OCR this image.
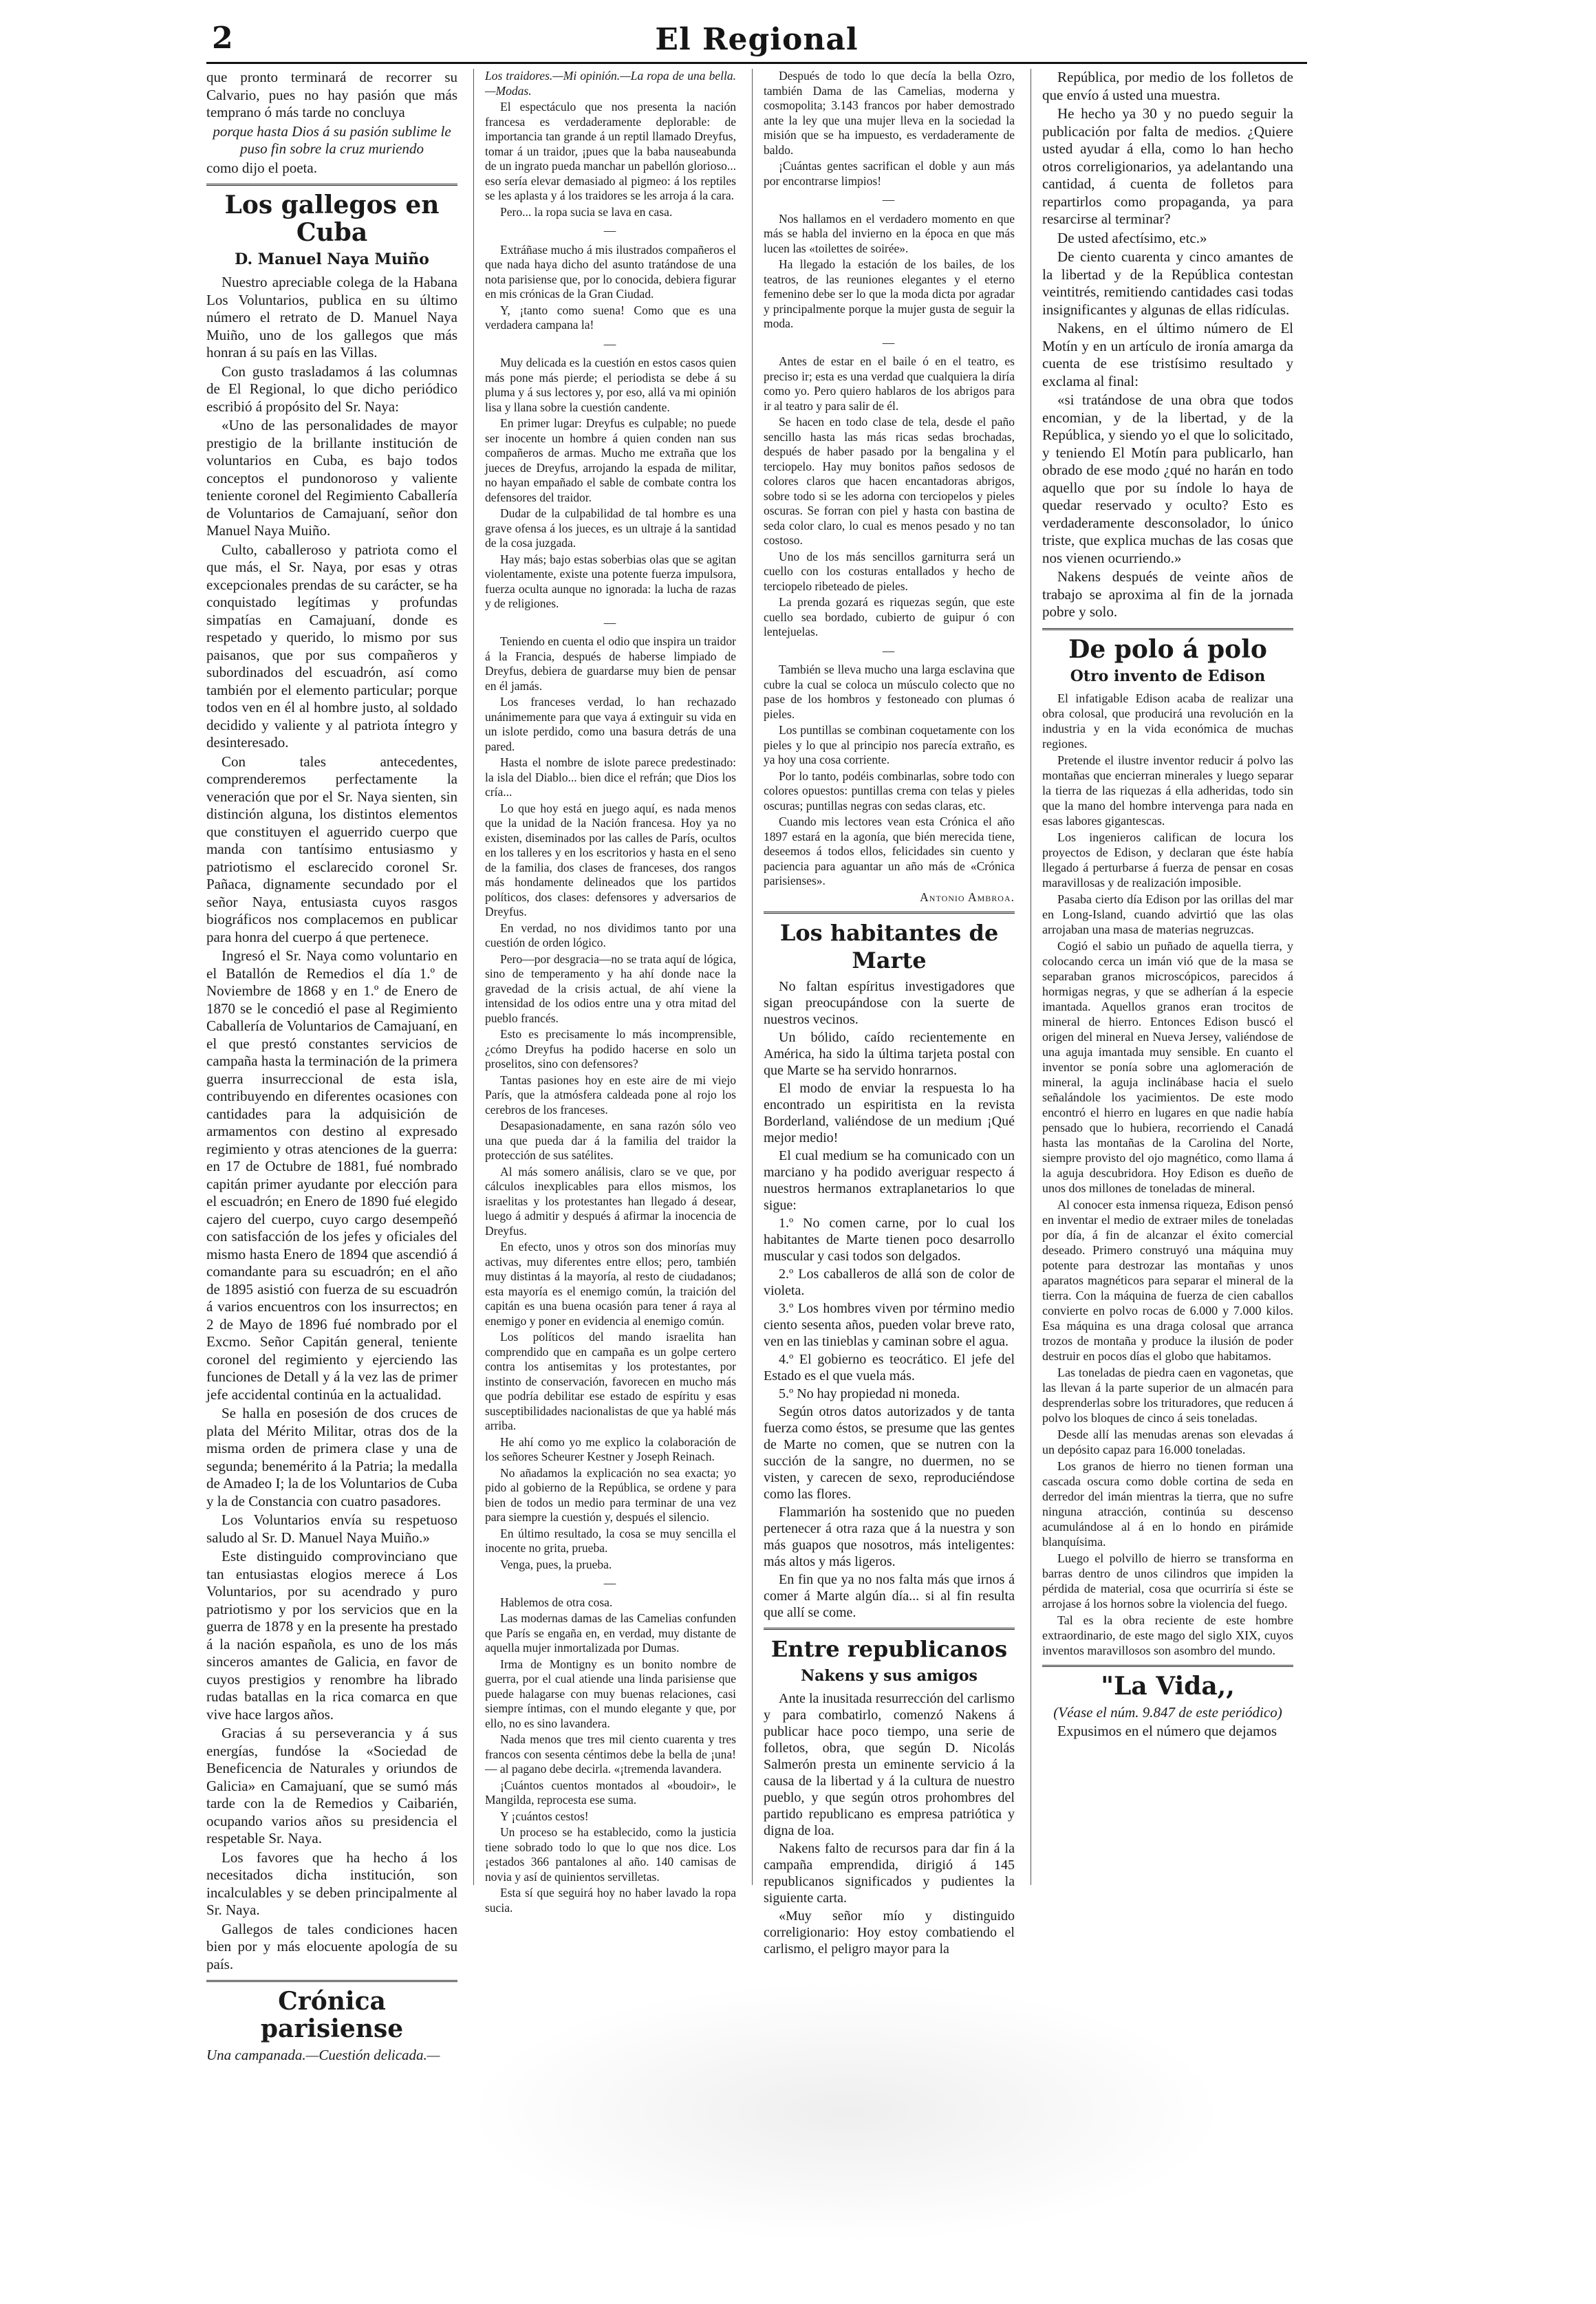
2	El Regional

que pronto terminará de recorrer su Calvario, pues no hay pasión que más temprano ó más tarde no concluya

porque hasta Dios á su pasión sublime le puso fin sobre la cruz muriendo

como dijo el poeta.

Los gallegos en Cuba
D. Manuel Naya Muiño

Nuestro apreciable colega de la Habana Los Voluntarios, publica en su último número el retrato de D. Manuel Naya Muiño, uno de los gallegos que más honran á su país en las Villas.

Con gusto trasladamos á las columnas de El Regional, lo que dicho periódico escribió á propósito del Sr. Naya:

«Uno de las personalidades de mayor prestigio de la brillante institución de voluntarios en Cuba, es bajo todos conceptos el pundonoroso y valiente teniente coronel del Regimiento Caballería de Voluntarios de Camajuaní, señor don Manuel Naya Muiño.

Culto, caballeroso y patriota como el que más, el Sr. Naya, por esas y otras excepcionales prendas de su carácter, se ha conquistado legítimas y profundas simpatías en Camajuaní, donde es respetado y querido, lo mismo por sus paisanos, que por sus compañeros y subordinados del escuadrón, así como también por el elemento particular; porque todos ven en él al hombre justo, al soldado decidido y valiente y al patriota íntegro y desinteresado.

Con tales antecedentes, comprenderemos perfectamente la veneración que por el Sr. Naya sienten, sin distinción alguna, los distintos elementos que constituyen el aguerrido cuerpo que manda con tantísimo entusiasmo y patriotismo el esclarecido coronel Sr. Pañaca, dignamente secundado por el señor Naya, entusiasta cuyos rasgos biográficos nos complacemos en publicar para honra del cuerpo á que pertenece.

Ingresó el Sr. Naya como voluntario en el Batallón de Remedios el día 1.º de Noviembre de 1868 y en 1.º de Enero de 1870 se le concedió el pase al Regimiento Caballería de Voluntarios de Camajuaní, en el que prestó constantes servicios de campaña hasta la terminación de la primera guerra insurreccional de esta isla, contribuyendo en diferentes ocasiones con cantidades para la adquisición de armamentos con destino al expresado regimiento y otras atenciones de la guerra: en 17 de Octubre de 1881, fué nombrado capitán primer ayudante por elección para el escuadrón; en Enero de 1890 fué elegido cajero del cuerpo, cuyo cargo desempeñó con satisfacción de los jefes y oficiales del mismo hasta Enero de 1894 que ascendió á comandante para su escuadrón; en el año de 1895 asistió con fuerza de su escuadrón á varios encuentros con los insurrectos; en 2 de Mayo de 1896 fué nombrado por el Excmo. Señor Capitán general, teniente coronel del regimiento y ejerciendo las funciones de Detall y á la vez las de primer jefe accidental continúa en la actualidad.

Se halla en posesión de dos cruces de plata del Mérito Militar, otras dos de la misma orden de primera clase y una de segunda; benemérito á la Patria; la medalla de Amadeo I; la de los Voluntarios de Cuba y la de Constancia con cuatro pasadores.

Los Voluntarios envía su respetuoso saludo al Sr. D. Manuel Naya Muiño.»

Este distinguido comprovinciano que tan entusiastas elogios merece á Los Voluntarios, por su acendrado y puro patriotismo y por los servicios que en la guerra de 1878 y en la presente ha prestado á la nación española, es uno de los más sinceros amantes de Galicia, en favor de cuyos prestigios y renombre ha librado rudas batallas en la rica comarca en que vive hace largos años.

Gracias á su perseverancia y á sus energías, fundóse la «Sociedad de Beneficencia de Naturales y oriundos de Galicia» en Camajuaní, que se sumó más tarde con la de Remedios y Caibarién, ocupando varios años su presidencia el respetable Sr. Naya.

Los favores que ha hecho á los necesitados dicha institución, son incalculables y se deben principalmente al Sr. Naya.

Gallegos de tales condiciones hacen bien por y más elocuente apología de su país.

Crónica parisiense

Una campanada.—Cuestión delicada.—

Los traidores.—Mi opinión.—La ropa de una bella.—Modas.

El espectáculo que nos presenta la nación francesa es verdaderamente deplorable: de importancia tan grande á un reptil llamado Dreyfus, tomar á un traidor, ¡pues que la baba nauseabunda de un ingrato pueda manchar un pabellón glorioso... eso sería elevar demasiado al pigmeo: á los reptiles se les aplasta y á los traidores se les arroja á la cara.

Pero... la ropa sucia se lava en casa.

—

Extráñase mucho á mis ilustrados compañeros el que nada haya dicho del asunto tratándose de una nota parisiense que, por lo conocida, debiera figurar en mis crónicas de la Gran Ciudad.

Y, ¡tanto como suena! Como que es una verdadera campana la!

—

Muy delicada es la cuestión en estos casos quien más pone más pierde; el periodista se debe á su pluma y á sus lectores y, por eso, allá va mi opinión lisa y llana sobre la cuestión candente.

En primer lugar: Dreyfus es culpable; no puede ser inocente un hombre á quien conden nan sus compañeros de armas. Mucho me extraña que los jueces de Dreyfus, arrojando la espada de militar, no hayan empañado el sable de combate contra los defensores del traidor.

Dudar de la culpabilidad de tal hombre es una grave ofensa á los jueces, es un ultraje á la santidad de la cosa juzgada.

Hay más; bajo estas soberbias olas que se agitan violentamente, existe una potente fuerza impulsora, fuerza oculta aunque no ignorada: la lucha de razas y de religiones.

—

Teniendo en cuenta el odio que inspira un traidor á la Francia, después de haberse limpiado de Dreyfus, debiera de guardarse muy bien de pensar en él jamás.

Los franceses verdad, lo han rechazado unánimemente para que vaya á extinguir su vida en un islote perdido, como una basura detrás de una pared.

Hasta el nombre de islote parece predestinado: la isla del Diablo... bien dice el refrán; que Dios los cría...

Lo que hoy está en juego aquí, es nada menos que la unidad de la Nación francesa. Hoy ya no existen, diseminados por las calles de París, ocultos en los talleres y en los escritorios y hasta en el seno de la familia, dos clases de franceses, dos rangos más hondamente delineados que los partidos políticos, dos clases: defensores y adversarios de Dreyfus.

En verdad, no nos dividimos tanto por una cuestión de orden lógico.

Pero—por desgracia—no se trata aquí de lógica, sino de temperamento y ha ahí donde nace la gravedad de la crisis actual, de ahí viene la intensidad de los odios entre una y otra mitad del pueblo francés.

Esto es precisamente lo más incomprensible, ¿cómo Dreyfus ha podido hacerse en solo un proselitos, sino con defensores?

Tantas pasiones hoy en este aire de mi viejo París, que la atmósfera caldeada pone al rojo los cerebros de los franceses.

Desapasionadamente, en sana razón sólo veo una que pueda dar á la familia del traidor la protección de sus satélites.

Al más somero análisis, claro se ve que, por cálculos inexplicables para ellos mismos, los israelitas y los protestantes han llegado á desear, luego á admitir y después á afirmar la inocencia de Dreyfus.

En efecto, unos y otros son dos minorías muy activas, muy diferentes entre ellos; pero, también muy distintas á la mayoría, al resto de ciudadanos; esta mayoría es el enemigo común, la traición del capitán es una buena ocasión para tener á raya al enemigo y poner en evidencia al enemigo común.

Los políticos del mando israelita han comprendido que en campaña es un golpe certero contra los antisemitas y los protestantes, por instinto de conservación, favorecen en mucho más que podría debilitar ese estado de espíritu y esas susceptibilidades nacionalistas de que ya hablé más arriba.

He ahí como yo me explico la colaboración de los señores Scheurer Kestner y Joseph Reinach.

No añadamos la explicación no sea exacta; yo pido al gobierno de la República, se ordene y para bien de todos un medio para terminar de una vez para siempre la cuestión y, después el silencio.

En último resultado, la cosa se muy sencilla el inocente no grita, prueba.

Venga, pues, la prueba.

—

Hablemos de otra cosa.

Las modernas damas de las Camelias confunden que París se engaña en, en verdad, muy distante de aquella mujer inmortalizada por Dumas.

Irma de Montigny es un bonito nombre de guerra, por el cual atiende una linda parisiense que puede halagarse con muy buenas relaciones, casi siempre íntimas, con el mundo elegante y que, por ello, no es sino lavandera.

Nada menos que tres mil ciento cuarenta y tres francos con sesenta céntimos debe la bella de ¡una!— al pagano debe decirla. «¡tremenda lavandera.

¡Cuántos cuentos montados al «boudoir», le Mangilda, reprocesta ese suma.

Y ¡cuántos cestos!

Un proceso se ha establecido, como la justicia tiene sobrado todo lo que lo que nos dice. Los ¡estados 366 pantalones al año. 140 camisas de novia y así de quinientos servilletas.

Esta sí que seguirá hoy no haber lavado la ropa sucia.

Después de todo lo que decía la bella Ozro, también Dama de las Camelias, moderna y cosmopolita; 3.143 francos por haber demostrado ante la ley que una mujer lleva en la sociedad la misión que se ha impuesto, es verdaderamente de baldo.

¡Cuántas gentes sacrifican el doble y aun más por encontrarse limpios!

—

Nos hallamos en el verdadero momento en que más se habla del invierno en la época en que más lucen las «toilettes de soirée».

Ha llegado la estación de los bailes, de los teatros, de las reuniones elegantes y el eterno femenino debe ser lo que la moda dicta por agradar y principalmente porque la mujer gusta de seguir la moda.

—

Antes de estar en el baile ó en el teatro, es preciso ir; esta es una verdad que cualquiera la diría como yo. Pero quiero hablaros de los abrigos para ir al teatro y para salir de él.

Se hacen en todo clase de tela, desde el paño sencillo hasta las más ricas sedas brochadas, después de haber pasado por la bengalina y el terciopelo. Hay muy bonitos paños sedosos de colores claros que hacen encantadoras abrigos, sobre todo si se les adorna con terciopelos y pieles oscuras. Se forran con piel y hasta con bastina de seda color claro, lo cual es menos pesado y no tan costoso.

Uno de los más sencillos garniturra será un cuello con los costuras entallados y hecho de terciopelo ribeteado de pieles.

La prenda gozará es riquezas según, que este cuello sea bordado, cubierto de guipur ó con lentejuelas.

—

También se lleva mucho una larga esclavina que cubre la cual se coloca un músculo colecto que no pase de los hombros y festoneado con plumas ó pieles.

Los puntillas se combinan coquetamente con los pieles y lo que al principio nos parecía extraño, es ya hoy una cosa corriente.

Por lo tanto, podéis combinarlas, sobre todo con colores opuestos: puntillas crema con telas y pieles oscuras; puntillas negras con sedas claras, etc.

Cuando mis lectores vean esta Crónica el año 1897 estará en la agonía, que bién merecida tiene, deseemos á todos ellos, felicidades sin cuento y paciencia para aguantar un año más de «Crónica parisienses».

Antonio Ambroa.

Los habitantes de Marte

No faltan espíritus investigadores que sigan preocupándose con la suerte de nuestros vecinos.

Un bólido, caído recientemente en América, ha sido la última tarjeta postal con que Marte se ha servido honrarnos.

El modo de enviar la respuesta lo ha encontrado un espiritista en la revista Borderland, valiéndose de un medium ¡Qué mejor medio!

El cual medium se ha comunicado con un marciano y ha podido averiguar respecto á nuestros hermanos extraplanetarios lo que sigue:

1.º No comen carne, por lo cual los habitantes de Marte tienen poco desarrollo muscular y casi todos son delgados.

2.º Los caballeros de allá son de color de violeta.

3.º Los hombres viven por término medio ciento sesenta años, pueden volar breve rato, ven en las tinieblas y caminan sobre el agua.

4.º El gobierno es teocrático. El jefe del Estado es el que vuela más.

5.º No hay propiedad ni moneda.

Según otros datos autorizados y de tanta fuerza como éstos, se presume que las gentes de Marte no comen, que se nutren con la succión de la sangre, no duermen, no se visten, y carecen de sexo, reproduciéndose como las flores.

Flammarión ha sostenido que no pueden pertenecer á otra raza que á la nuestra y son más guapos que nosotros, más inteligentes: más altos y más ligeros.

En fin que ya no nos falta más que irnos á comer á Marte algún día... si al fin resulta que allí se come.

Entre republicanos
Nakens y sus amigos

Ante la inusitada resurrección del carlismo y para combatirlo, comenzó Nakens á publicar hace poco tiempo, una serie de folletos, obra, que según D. Nicolás Salmerón presta un eminente servicio á la causa de la libertad y á la cultura de nuestro pueblo, y que según otros prohombres del partido republicano es empresa patriótica y digna de loa.

Nakens falto de recursos para dar fin á la campaña emprendida, dirigió á 145 republicanos significados y pudientes la siguiente carta.

«Muy señor mío y distinguido correligionario: Hoy estoy combatiendo el carlismo, el peligro mayor para la

República, por medio de los folletos de que envío á usted una muestra.

He hecho ya 30 y no puedo seguir la publicación por falta de medios. ¿Quiere usted ayudar á ella, como lo han hecho otros correligionarios, ya adelantando una cantidad, á cuenta de folletos para repartirlos como propaganda, ya para resarcirse al terminar?

De usted afectísimo, etc.»

De ciento cuarenta y cinco amantes de la libertad y de la República contestan veintitrés, remitiendo cantidades casi todas insignificantes y algunas de ellas ridículas.

Nakens, en el último número de El Motín y en un artículo de ironía amarga da cuenta de ese tristísimo resultado y exclama al final:

«si tratándose de una obra que todos encomian, y de la libertad, y de la República, y siendo yo el que lo solicitado, y teniendo El Motín para publicarlo, han obrado de ese modo ¿qué no harán en todo aquello que por su índole lo haya de quedar reservado y oculto? Esto es verdaderamente desconsolador, lo único triste, que explica muchas de las cosas que nos vienen ocurriendo.»

Nakens después de veinte años de trabajo se aproxima al fin de la jornada pobre y solo.

De polo á polo
Otro invento de Edison

El infatigable Edison acaba de realizar una obra colosal, que producirá una revolución en la industria y en la vida económica de muchas regiones.

Pretende el ilustre inventor reducir á polvo las montañas que encierran minerales y luego separar la tierra de las riquezas á ella adheridas, todo sin que la mano del hombre intervenga para nada en esas labores gigantescas.

Los ingenieros califican de locura los proyectos de Edison, y declaran que éste había llegado á perturbarse á fuerza de pensar en cosas maravillosas y de realización imposible.

Pasaba cierto día Edison por las orillas del mar en Long-Island, cuando advirtió que las olas arrojaban una masa de materias negruzcas.

Cogió el sabio un puñado de aquella tierra, y colocando cerca un imán vió que de la masa se separaban granos microscópicos, parecidos á hormigas negras, y que se adherían á la especie imantada. Aquellos granos eran trocitos de mineral de hierro. Entonces Edison buscó el origen del mineral en Nueva Jersey, valiéndose de una aguja imantada muy sensible. En cuanto el inventor se ponía sobre una aglomeración de mineral, la aguja inclinábase hacia el suelo señalándole los yacimientos. De este modo encontró el hierro en lugares en que nadie había pensado que lo hubiera, recorriendo el Canadá hasta las montañas de la Carolina del Norte, siempre provisto del ojo magnético, como llama á la aguja descubridora. Hoy Edison es dueño de unos dos millones de toneladas de mineral.

Al conocer esta inmensa riqueza, Edison pensó en inventar el medio de extraer miles de toneladas por día, á fin de alcanzar el éxito comercial deseado. Primero construyó una máquina muy potente para destrozar las montañas y unos aparatos magnéticos para separar el mineral de la tierra. Con la máquina de fuerza de cien caballos convierte en polvo rocas de 6.000 y 7.000 kilos. Esa máquina es una draga colosal que arranca trozos de montaña y produce la ilusión de poder destruir en pocos días el globo que habitamos.

Las toneladas de piedra caen en vagonetas, que las llevan á la parte superior de un almacén para desprenderlas sobre los trituradores, que reducen á polvo los bloques de cinco á seis toneladas.

Desde allí las menudas arenas son elevadas á un depósito capaz para 16.000 toneladas.

Los granos de hierro no tienen forman una cascada oscura como doble cortina de seda en derredor del imán mientras la tierra, que no sufre ninguna atracción, continúa su descenso acumulándose al á en lo hondo en pirámide blanquísima.

Luego el polvillo de hierro se transforma en barras dentro de unos cilindros que impiden la pérdida de material, cosa que ocurriría si éste se arrojase á los hornos sobre la violencia del fuego.

Tal es la obra reciente de este hombre extraordinario, de este mago del siglo XIX, cuyos inventos maravillosos son asombro del mundo.

"La Vida,,

(Véase el núm. 9.847 de este periódico)

Expusimos en el número que dejamos
